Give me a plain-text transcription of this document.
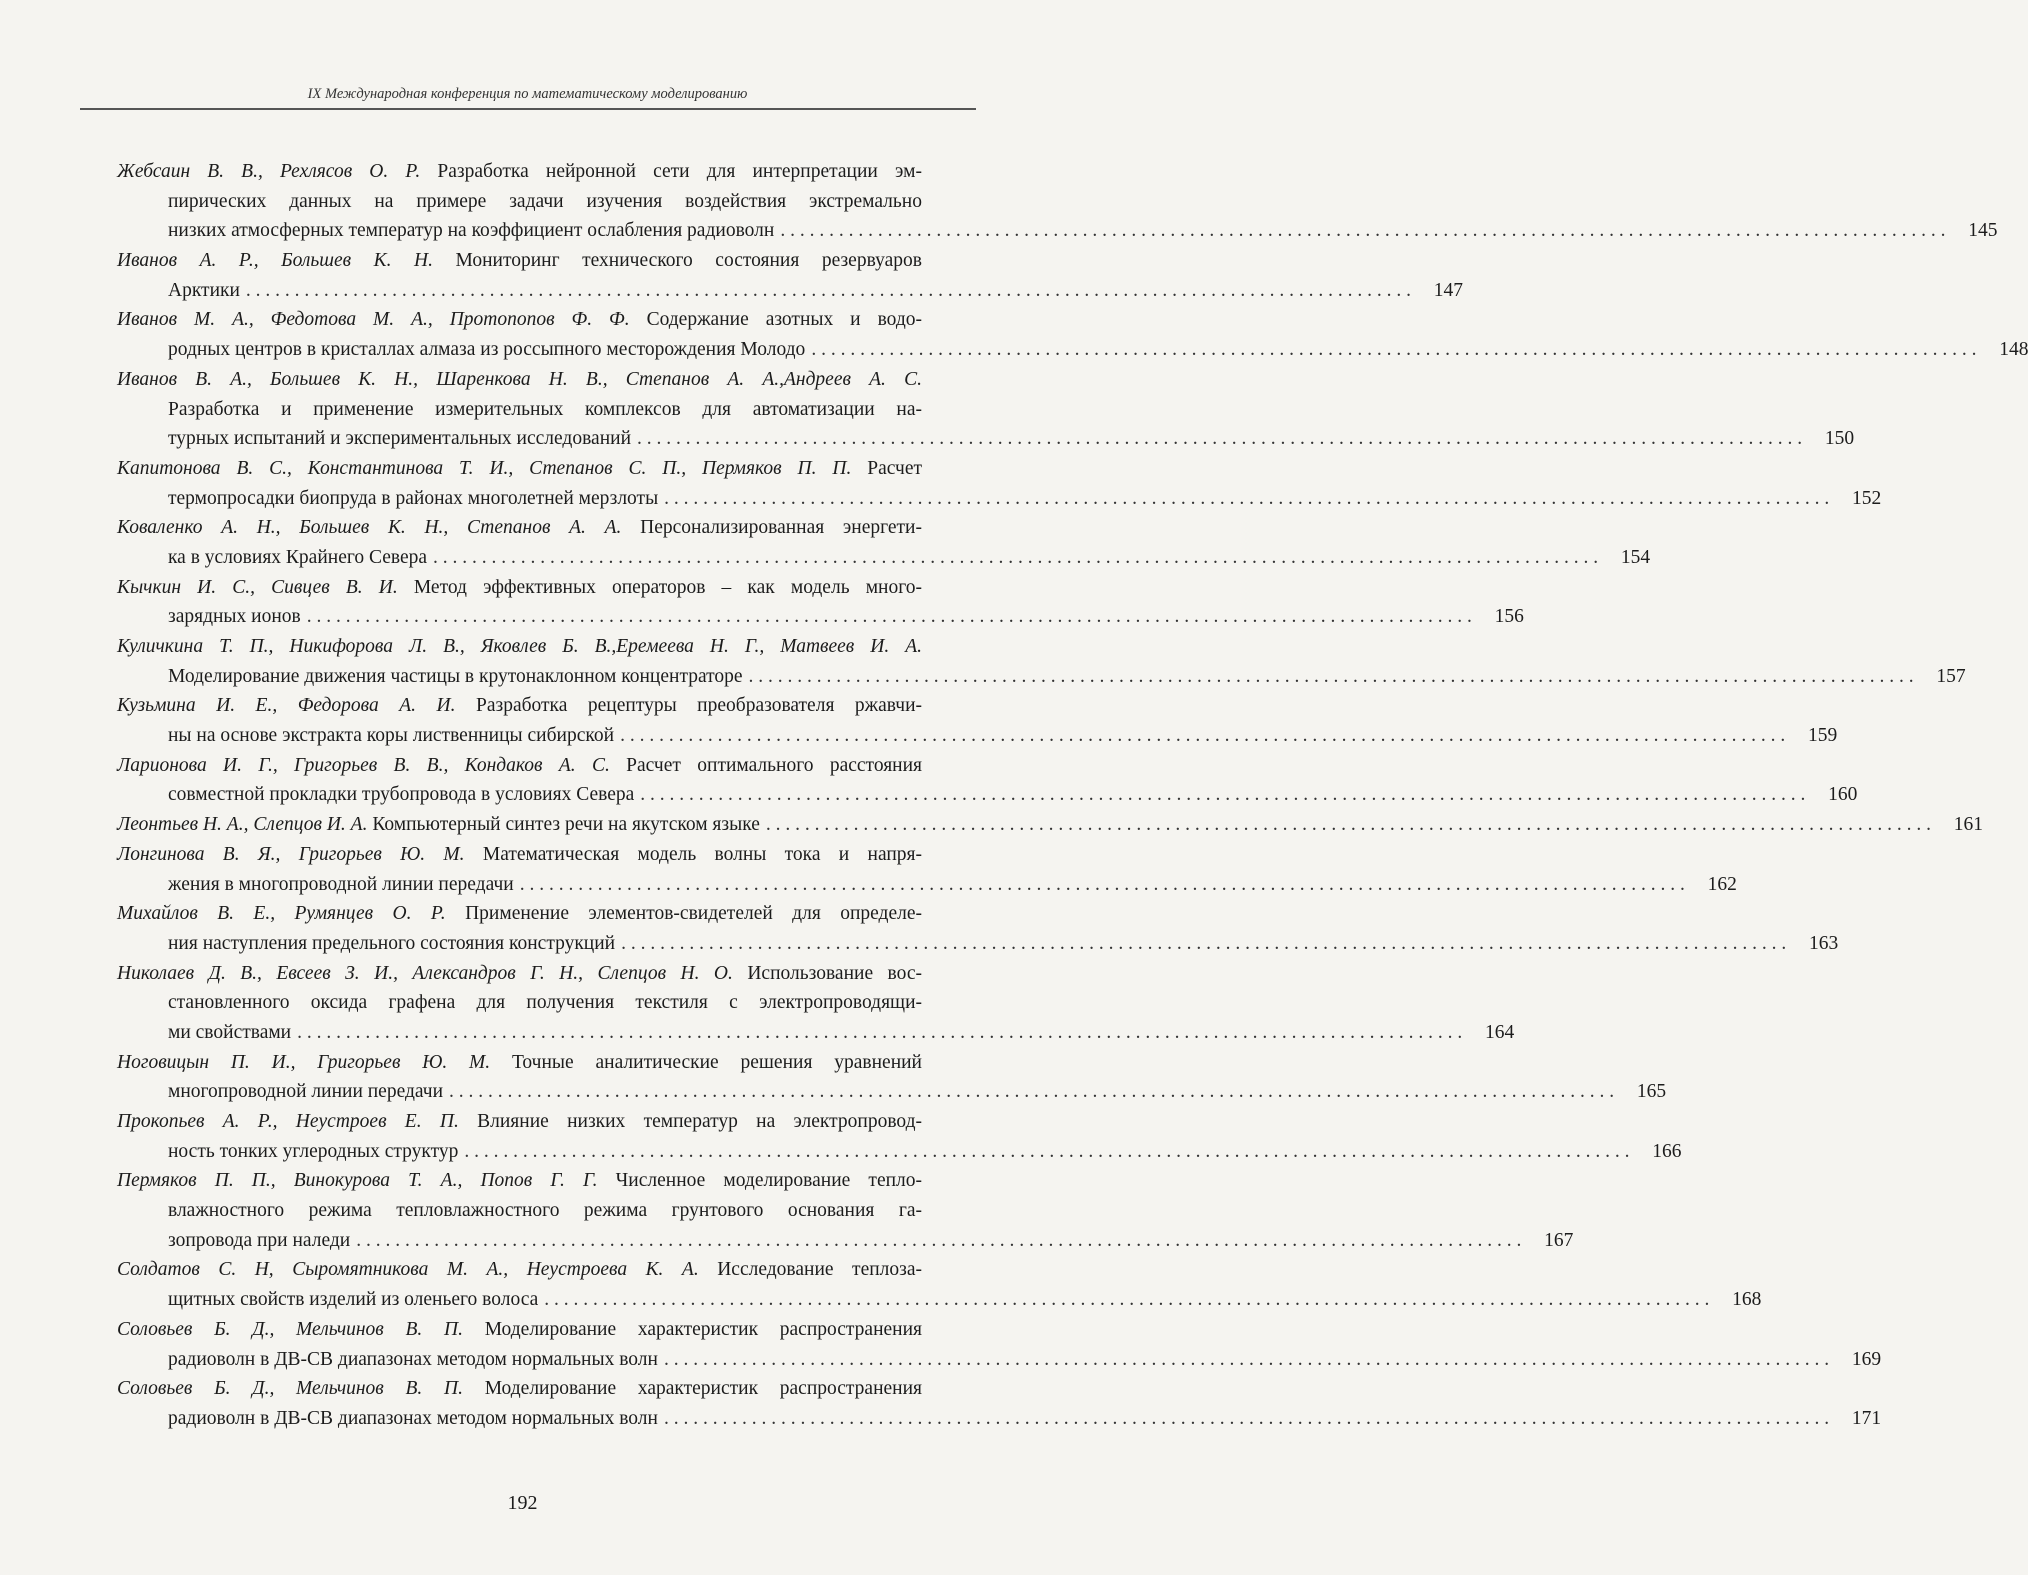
IX Международная конференция по математическому моделированию
Жебсаин В. В., Рехлясов О. Р. Разработка нейронной сети для интерпретации эм-
пирических данных на примере задачи изучения воздействия экстремально
низких атмосферных температур на коэффициент ослабления радиоволн . . . . . . . . . . . . . . . . . . . . . . . . . . . . . . . . . . . . . . . . . . . . . . . . . . . . . . . . . . . . . . . . . . . . . . . . . . . . . . . . . . . . . . . . . . . . . . . . . . . . . . . . . . . . . . . . . . . . . . . .	145
Иванов А. Р., Большев К. Н. Мониторинг технического состояния резервуаров
Арктики . . . . . . . . . . . . . . . . . . . . . . . . . . . . . . . . . . . . . . . . . . . . . . . . . . . . . . . . . . . . . . . . . . . . . . . . . . . . . . . . . . . . . . . . . . . . . . . . . . . . . . . . . . . . . . . . . . . . . . . .	147
Иванов М. А., Федотова М. А., Протопопов Ф. Ф. Содержание азотных и водо-
родных центров в кристаллах алмаза из россыпного месторождения Молодо . . . . . . . . . . . . . . . . . . . . . . . . . . . . . . . . . . . . . . . . . . . . . . . . . . . . . . . . . . . . . . . . . . . . . . . . . . . . . . . . . . . . . . . . . . . . . . . . . . . . . . . . . . . . . . . . . . . . . . . .	148
Иванов В. А., Большев К. Н., Шаренкова Н. В., Степанов А. А.,Андреев А. С.
Разработка и применение измерительных комплексов для автоматизации на-
турных испытаний и экспериментальных исследований . . . . . . . . . . . . . . . . . . . . . . . . . . . . . . . . . . . . . . . . . . . . . . . . . . . . . . . . . . . . . . . . . . . . . . . . . . . . . . . . . . . . . . . . . . . . . . . . . . . . . . . . . . . . . . . . . . . . . . . .	150
Капитонова В. С., Константинова Т. И., Степанов С. П., Пермяков П. П. Расчет
термопросадки биопруда в районах многолетней мерзлоты . . . . . . . . . . . . . . . . . . . . . . . . . . . . . . . . . . . . . . . . . . . . . . . . . . . . . . . . . . . . . . . . . . . . . . . . . . . . . . . . . . . . . . . . . . . . . . . . . . . . . . . . . . . . . . . . . . . . . . . .	152
Коваленко А. Н., Большев К. Н., Степанов А. А. Персонализированная энергети-
ка в условиях Крайнего Севера . . . . . . . . . . . . . . . . . . . . . . . . . . . . . . . . . . . . . . . . . . . . . . . . . . . . . . . . . . . . . . . . . . . . . . . . . . . . . . . . . . . . . . . . . . . . . . . . . . . . . . . . . . . . . . . . . . . . . . . .	154
Кычкин И. С., Сивцев В. И. Метод эффективных операторов – как модель много-
зарядных ионов . . . . . . . . . . . . . . . . . . . . . . . . . . . . . . . . . . . . . . . . . . . . . . . . . . . . . . . . . . . . . . . . . . . . . . . . . . . . . . . . . . . . . . . . . . . . . . . . . . . . . . . . . . . . . . . . . . . . . . . .	156
Куличкина Т. П., Никифорова Л. В., Яковлев Б. В.,Еремеева Н. Г., Матвеев И. А.
Моделирование движения частицы в крутонаклонном концентраторе . . . . . . . . . . . . . . . . . . . . . . . . . . . . . . . . . . . . . . . . . . . . . . . . . . . . . . . . . . . . . . . . . . . . . . . . . . . . . . . . . . . . . . . . . . . . . . . . . . . . . . . . . . . . . . . . . . . . . . . .	157
Кузьмина И. Е., Федорова А. И. Разработка рецептуры преобразователя ржавчи-
ны на основе экстракта коры лиственницы сибирской . . . . . . . . . . . . . . . . . . . . . . . . . . . . . . . . . . . . . . . . . . . . . . . . . . . . . . . . . . . . . . . . . . . . . . . . . . . . . . . . . . . . . . . . . . . . . . . . . . . . . . . . . . . . . . . . . . . . . . . .	159
Ларионова И. Г., Григорьев В. В., Кондаков А. С. Расчет оптимального расстояния
совместной прокладки трубопровода в условиях Севера . . . . . . . . . . . . . . . . . . . . . . . . . . . . . . . . . . . . . . . . . . . . . . . . . . . . . . . . . . . . . . . . . . . . . . . . . . . . . . . . . . . . . . . . . . . . . . . . . . . . . . . . . . . . . . . . . . . . . . . .	160
Леонтьев Н. А., Слепцов И. А. Компьютерный синтез речи на якутском языке . . . . . . . . . . . . . . . . . . . . . . . . . . . . . . . . . . . . . . . . . . . . . . . . . . . . . . . . . . . . . . . . . . . . . . . . . . . . . . . . . . . . . . . . . . . . . . . . . . . . . . . . . . . . . . . . . . . . . . . .	161
Лонгинова В. Я., Григорьев Ю. М. Математическая модель волны тока и напря-
жения в многопроводной линии передачи . . . . . . . . . . . . . . . . . . . . . . . . . . . . . . . . . . . . . . . . . . . . . . . . . . . . . . . . . . . . . . . . . . . . . . . . . . . . . . . . . . . . . . . . . . . . . . . . . . . . . . . . . . . . . . . . . . . . . . . .	162
Михайлов В. Е., Румянцев О. Р. Применение элементов-свидетелей для определе-
ния наступления предельного состояния конструкций . . . . . . . . . . . . . . . . . . . . . . . . . . . . . . . . . . . . . . . . . . . . . . . . . . . . . . . . . . . . . . . . . . . . . . . . . . . . . . . . . . . . . . . . . . . . . . . . . . . . . . . . . . . . . . . . . . . . . . . .	163
Николаев Д. В., Евсеев З. И., Александров Г. Н., Слепцов Н. О. Использование вос-
становленного оксида графена для получения текстиля с электропроводящи-
ми свойствами . . . . . . . . . . . . . . . . . . . . . . . . . . . . . . . . . . . . . . . . . . . . . . . . . . . . . . . . . . . . . . . . . . . . . . . . . . . . . . . . . . . . . . . . . . . . . . . . . . . . . . . . . . . . . . . . . . . . . . . .	164
Ноговицын П. И., Григорьев Ю. М. Точные аналитические решения уравнений
многопроводной линии передачи . . . . . . . . . . . . . . . . . . . . . . . . . . . . . . . . . . . . . . . . . . . . . . . . . . . . . . . . . . . . . . . . . . . . . . . . . . . . . . . . . . . . . . . . . . . . . . . . . . . . . . . . . . . . . . . . . . . . . . . .	165
Прокопьев А. Р., Неустроев Е. П. Влияние низких температур на электропровод-
ность тонких углеродных структур . . . . . . . . . . . . . . . . . . . . . . . . . . . . . . . . . . . . . . . . . . . . . . . . . . . . . . . . . . . . . . . . . . . . . . . . . . . . . . . . . . . . . . . . . . . . . . . . . . . . . . . . . . . . . . . . . . . . . . . .	166
Пермяков П. П., Винокурова Т. А., Попов Г. Г. Численное моделирование тепло-
влажностного режима тепловлажностного режима грунтового основания га-
зопровода при наледи . . . . . . . . . . . . . . . . . . . . . . . . . . . . . . . . . . . . . . . . . . . . . . . . . . . . . . . . . . . . . . . . . . . . . . . . . . . . . . . . . . . . . . . . . . . . . . . . . . . . . . . . . . . . . . . . . . . . . . . .	167
Солдатов С. Н, Сыромятникова М. А., Неустроева К. А. Исследование теплоза-
щитных свойств изделий из оленьего волоса . . . . . . . . . . . . . . . . . . . . . . . . . . . . . . . . . . . . . . . . . . . . . . . . . . . . . . . . . . . . . . . . . . . . . . . . . . . . . . . . . . . . . . . . . . . . . . . . . . . . . . . . . . . . . . . . . . . . . . . .	168
Соловьев Б. Д., Мельчинов В. П. Моделирование характеристик распространения
радиоволн в ДВ-СВ диапазонах методом нормальных волн . . . . . . . . . . . . . . . . . . . . . . . . . . . . . . . . . . . . . . . . . . . . . . . . . . . . . . . . . . . . . . . . . . . . . . . . . . . . . . . . . . . . . . . . . . . . . . . . . . . . . . . . . . . . . . . . . . . . . . . .	169
Соловьев Б. Д., Мельчинов В. П. Моделирование характеристик распространения
радиоволн в ДВ-СВ диапазонах методом нормальных волн . . . . . . . . . . . . . . . . . . . . . . . . . . . . . . . . . . . . . . . . . . . . . . . . . . . . . . . . . . . . . . . . . . . . . . . . . . . . . . . . . . . . . . . . . . . . . . . . . . . . . . . . . . . . . . . . . . . . . . . .	171
192
